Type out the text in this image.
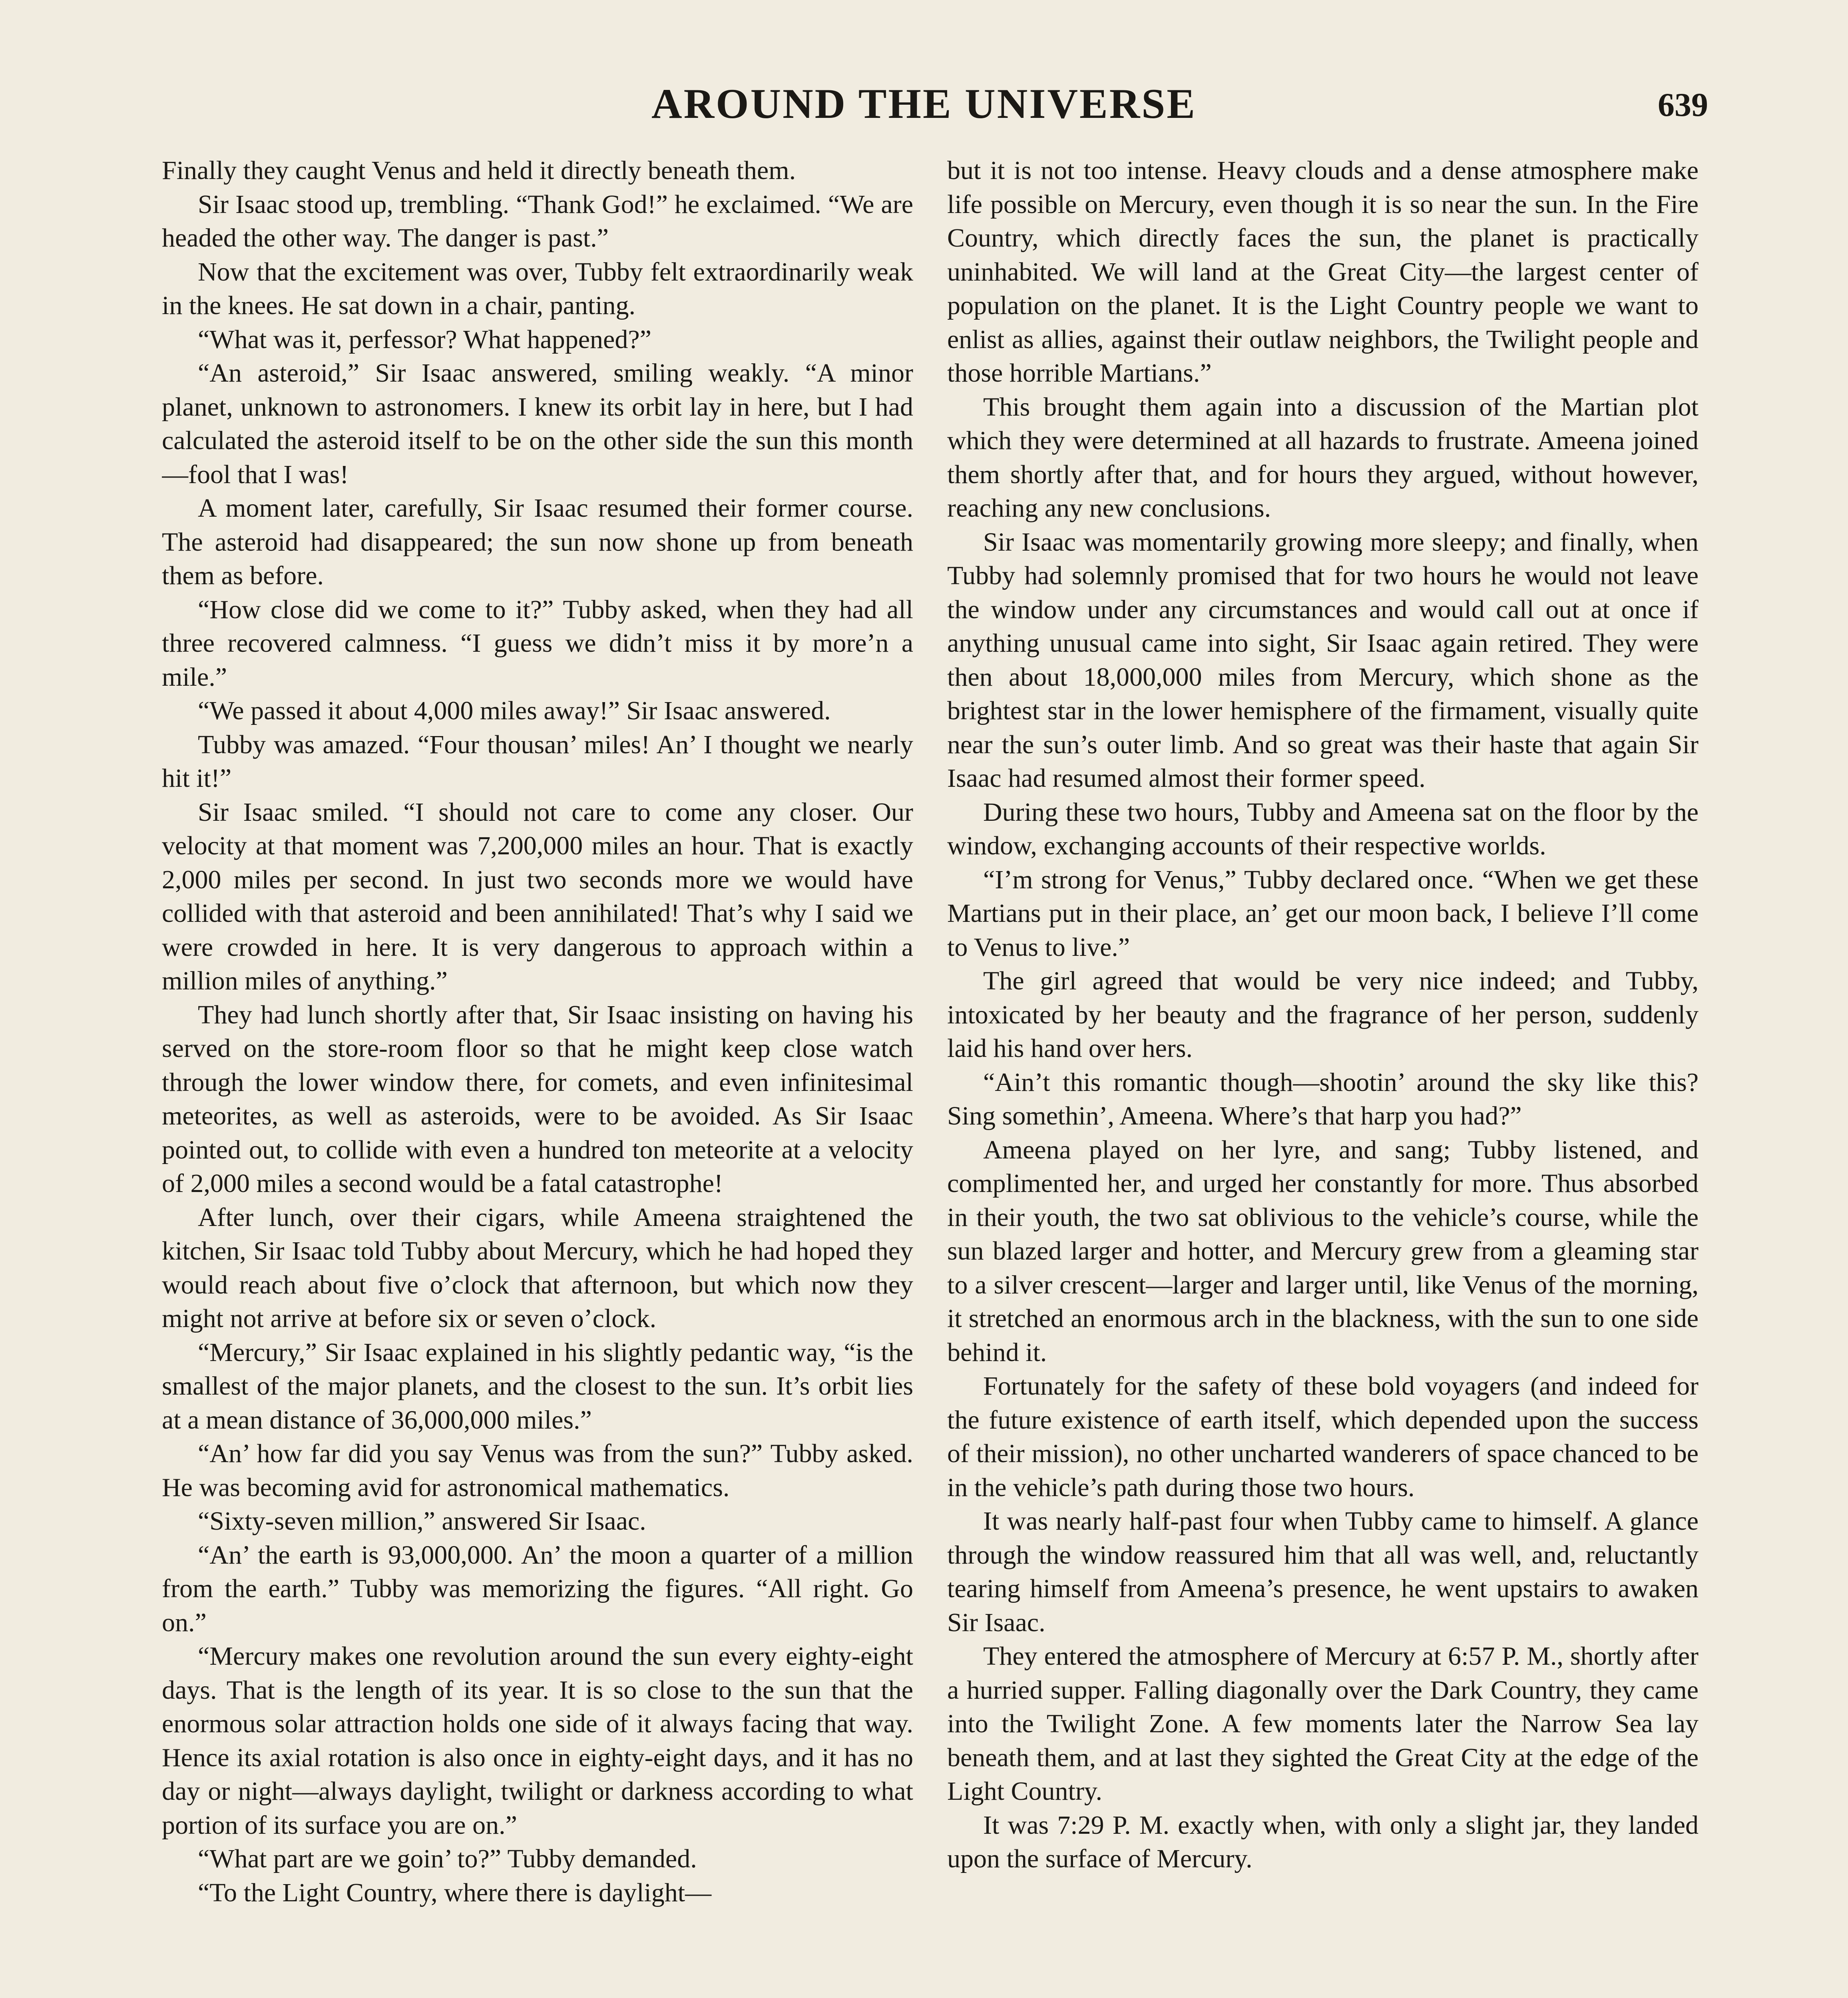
AROUND THE UNIVERSE	639

Finally they caught Venus and held it directly beneath them.

Sir Isaac stood up, trembling. “Thank God!” he exclaimed. “We are headed the other way. The danger is past.”

Now that the excitement was over, Tubby felt extraordinarily weak in the knees. He sat down in a chair, panting.

“What was it, perfessor? What happened?”

“An asteroid,” Sir Isaac answered, smiling weakly. “A minor planet, unknown to astronomers. I knew its orbit lay in here, but I had calculated the asteroid itself to be on the other side the sun this month—fool that I was!

A moment later, carefully, Sir Isaac resumed their former course. The asteroid had disappeared; the sun now shone up from beneath them as before.

“How close did we come to it?” Tubby asked, when they had all three recovered calmness. “I guess we didn’t miss it by more’n a mile.”

“We passed it about 4,000 miles away!” Sir Isaac answered.

Tubby was amazed. “Four thousan’ miles! An’ I thought we nearly hit it!”

Sir Isaac smiled. “I should not care to come any closer. Our velocity at that moment was 7,200,000 miles an hour. That is exactly 2,000 miles per second. In just two seconds more we would have collided with that asteroid and been annihilated! That’s why I said we were crowded in here. It is very dangerous to approach within a million miles of anything.”

They had lunch shortly after that, Sir Isaac insisting on having his served on the store-room floor so that he might keep close watch through the lower window there, for comets, and even infinitesimal meteorites, as well as asteroids, were to be avoided. As Sir Isaac pointed out, to collide with even a hundred ton meteorite at a velocity of 2,000 miles a second would be a fatal catastrophe!

After lunch, over their cigars, while Ameena straightened the kitchen, Sir Isaac told Tubby about Mercury, which he had hoped they would reach about five o’clock that afternoon, but which now they might not arrive at before six or seven o’clock.

“Mercury,” Sir Isaac explained in his slightly pedantic way, “is the smallest of the major planets, and the closest to the sun. It’s orbit lies at a mean distance of 36,000,000 miles.”

“An’ how far did you say Venus was from the sun?” Tubby asked. He was becoming avid for astronomical mathematics.

“Sixty-seven million,” answered Sir Isaac.

“An’ the earth is 93,000,000. An’ the moon a quarter of a million from the earth.” Tubby was memorizing the figures. “All right. Go on.”

“Mercury makes one revolution around the sun every eighty-eight days. That is the length of its year. It is so close to the sun that the enormous solar attraction holds one side of it always facing that way. Hence its axial rotation is also once in eighty-eight days, and it has no day or night—always daylight, twilight or darkness according to what portion of its surface you are on.”

“What part are we goin’ to?” Tubby demanded.

“To the Light Country, where there is daylight—

but it is not too intense. Heavy clouds and a dense atmosphere make life possible on Mercury, even though it is so near the sun. In the Fire Country, which directly faces the sun, the planet is practically uninhabited. We will land at the Great City—the largest center of population on the planet. It is the Light Country people we want to enlist as allies, against their outlaw neighbors, the Twilight people and those horrible Martians.”

This brought them again into a discussion of the Martian plot which they were determined at all hazards to frustrate. Ameena joined them shortly after that, and for hours they argued, without however, reaching any new conclusions.

Sir Isaac was momentarily growing more sleepy; and finally, when Tubby had solemnly promised that for two hours he would not leave the window under any circumstances and would call out at once if anything unusual came into sight, Sir Isaac again retired. They were then about 18,000,000 miles from Mercury, which shone as the brightest star in the lower hemisphere of the firmament, visually quite near the sun’s outer limb. And so great was their haste that again Sir Isaac had resumed almost their former speed.

During these two hours, Tubby and Ameena sat on the floor by the window, exchanging accounts of their respective worlds.

“I’m strong for Venus,” Tubby declared once. “When we get these Martians put in their place, an’ get our moon back, I believe I’ll come to Venus to live.”

The girl agreed that would be very nice indeed; and Tubby, intoxicated by her beauty and the fragrance of her person, suddenly laid his hand over hers.

“Ain’t this romantic though—shootin’ around the sky like this? Sing somethin’, Ameena. Where’s that harp you had?”

Ameena played on her lyre, and sang; Tubby listened, and complimented her, and urged her constantly for more. Thus absorbed in their youth, the two sat oblivious to the vehicle’s course, while the sun blazed larger and hotter, and Mercury grew from a gleaming star to a silver crescent—larger and larger until, like Venus of the morning, it stretched an enormous arch in the blackness, with the sun to one side behind it.

Fortunately for the safety of these bold voyagers (and indeed for the future existence of earth itself, which depended upon the success of their mission), no other uncharted wanderers of space chanced to be in the vehicle’s path during those two hours.

It was nearly half-past four when Tubby came to himself. A glance through the window reassured him that all was well, and, reluctantly tearing himself from Ameena’s presence, he went upstairs to awaken Sir Isaac.

They entered the atmosphere of Mercury at 6:57 P. M., shortly after a hurried supper. Falling diagonally over the Dark Country, they came into the Twilight Zone. A few moments later the Narrow Sea lay beneath them, and at last they sighted the Great City at the edge of the Light Country.

It was 7:29 P. M. exactly when, with only a slight jar, they landed upon the surface of Mercury.
